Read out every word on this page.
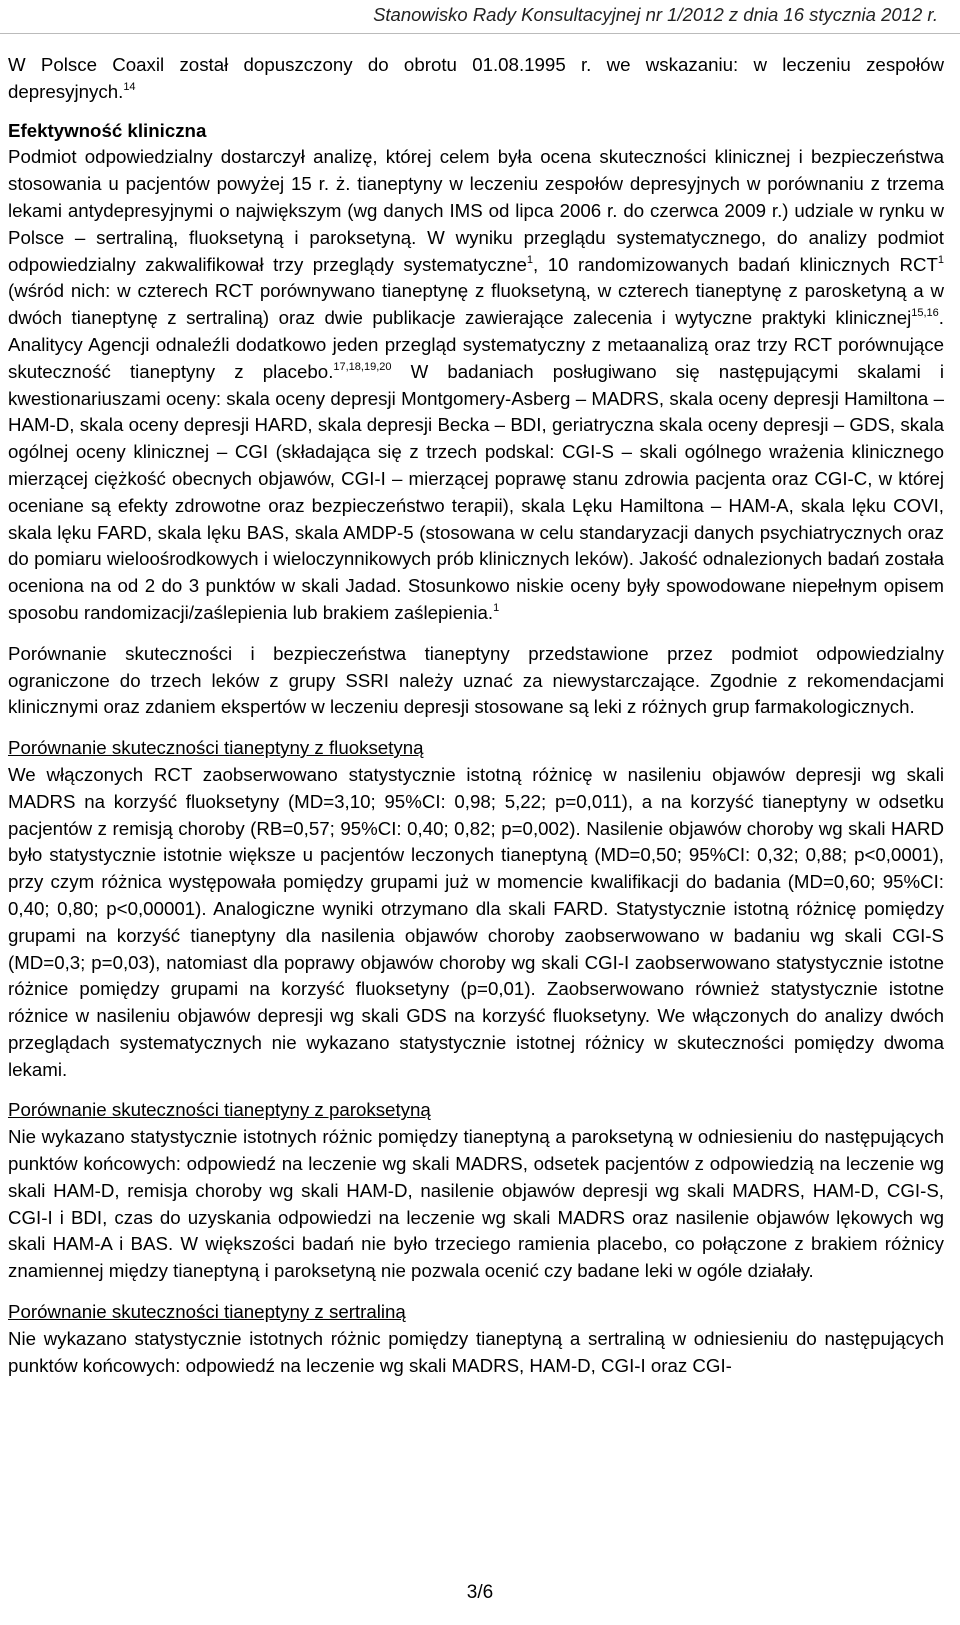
Stanowisko Rady Konsultacyjnej nr 1/2012 z dnia 16 stycznia 2012 r.

W Polsce Coaxil został dopuszczony do obrotu 01.08.1995 r. we wskazaniu: w leczeniu zespołów depresyjnych.$^{14}$

Efektywność kliniczna

Podmiot odpowiedzialny dostarczył analizę, której celem była ocena skuteczności klinicznej i bezpieczeństwa stosowania u pacjentów powyżej 15 r. ż. tianeptyny w leczeniu zespołów depresyjnych w porównaniu z trzema lekami antydepresyjnymi o największym (wg danych IMS od lipca 2006 r. do czerwca 2009 r.) udziale w rynku w Polsce – sertraliną, fluoksetyną i paroksetyną. W wyniku przeglądu systematycznego, do analizy podmiot odpowiedzialny zakwalifikował trzy przeglądy systematyczne$^1$, 10 randomizowanych badań klinicznych RCT$^1$ (wśród nich: w czterech RCT porównywano tianeptynę z fluoksetyną, w czterech tianeptynę z parosketyną a w dwóch tianeptynę z sertraliną) oraz dwie publikacje zawierające zalecenia i wytyczne praktyki klinicznej$^{15,16}$. Analitycy Agencji odnaleźli dodatkowo jeden przegląd systematyczny z metaanalizą oraz trzy RCT porównujące skuteczność tianeptyny z placebo.$^{17,18,19,20}$ W badaniach posługiwano się następującymi skalami i kwestionariuszami oceny: skala oceny depresji Montgomery-Asberg – MADRS, skala oceny depresji Hamiltona – HAM-D, skala oceny depresji HARD, skala depresji Becka – BDI, geriatryczna skala oceny depresji – GDS, skala ogólnej oceny klinicznej – CGI (składająca się z trzech podskal: CGI-S – skali ogólnego wrażenia klinicznego mierzącej ciężkość obecnych objawów, CGI-I – mierzącej poprawę stanu zdrowia pacjenta oraz CGI-C, w której oceniane są efekty zdrowotne oraz bezpieczeństwo terapii), skala Lęku Hamiltona – HAM-A, skala lęku COVI, skala lęku FARD, skala lęku BAS, skala AMDP-5 (stosowana w celu standaryzacji danych psychiatrycznych oraz do pomiaru wieloośrodkowych i wieloczynnikowych prób klinicznych leków). Jakość odnalezionych badań została oceniona na od 2 do 3 punktów w skali Jadad. Stosunkowo niskie oceny były spowodowane niepełnym opisem sposobu randomizacji/zaślepienia lub brakiem zaślepienia.$^1$

Porównanie skuteczności i bezpieczeństwa tianeptyny przedstawione przez podmiot odpowiedzialny ograniczone do trzech leków z grupy SSRI należy uznać za niewystarczające. Zgodnie z rekomendacjami klinicznymi oraz zdaniem ekspertów w leczeniu depresji stosowane są leki z różnych grup farmakologicznych.

Porównanie skuteczności tianeptyny z fluoksetyną

We włączonych RCT zaobserwowano statystycznie istotną różnicę w nasileniu objawów depresji wg skali MADRS na korzyść fluoksetyny (MD=3,10; 95%CI: 0,98; 5,22; p=0,011), a na korzyść tianeptyny w odsetku pacjentów z remisją choroby (RB=0,57; 95%CI: 0,40; 0,82; p=0,002). Nasilenie objawów choroby wg skali HARD było statystycznie istotnie większe u pacjentów leczonych tianeptyną (MD=0,50; 95%CI: 0,32; 0,88; p<0,0001), przy czym różnica występowała pomiędzy grupami już w momencie kwalifikacji do badania (MD=0,60; 95%CI: 0,40; 0,80; p<0,00001). Analogiczne wyniki otrzymano dla skali FARD. Statystycznie istotną różnicę pomiędzy grupami na korzyść tianeptyny dla nasilenia objawów choroby zaobserwowano w badaniu wg skali CGI-S (MD=0,3; p=0,03), natomiast dla poprawy objawów choroby wg skali CGI-I zaobserwowano statystycznie istotne różnice pomiędzy grupami na korzyść fluoksetyny (p=0,01). Zaobserwowano również statystycznie istotne różnice w nasileniu objawów depresji wg skali GDS na korzyść fluoksetyny. We włączonych do analizy dwóch przeglądach systematycznych nie wykazano statystycznie istotnej różnicy w skuteczności pomiędzy dwoma lekami.

Porównanie skuteczności tianeptyny z paroksetyną

Nie wykazano statystycznie istotnych różnic pomiędzy tianeptyną a paroksetyną w odniesieniu do następujących punktów końcowych: odpowiedź na leczenie wg skali MADRS, odsetek pacjentów z odpowiedzią na leczenie wg skali HAM-D, remisja choroby wg skali HAM-D, nasilenie objawów depresji wg skali MADRS, HAM-D, CGI-S, CGI-I i BDI, czas do uzyskania odpowiedzi na leczenie wg skali MADRS oraz nasilenie objawów lękowych wg skali HAM-A i BAS. W większości badań nie było trzeciego ramienia placebo, co połączone z brakiem różnicy znamiennej między tianeptyną i paroksetyną nie pozwala ocenić czy badane leki w ogóle działały.

Porównanie skuteczności tianeptyny z sertraliną

Nie wykazano statystycznie istotnych różnic pomiędzy tianeptyną a sertraliną w odniesieniu do następujących punktów końcowych: odpowiedź na leczenie wg skali MADRS, HAM-D, CGI-I oraz CGI-

3/6
